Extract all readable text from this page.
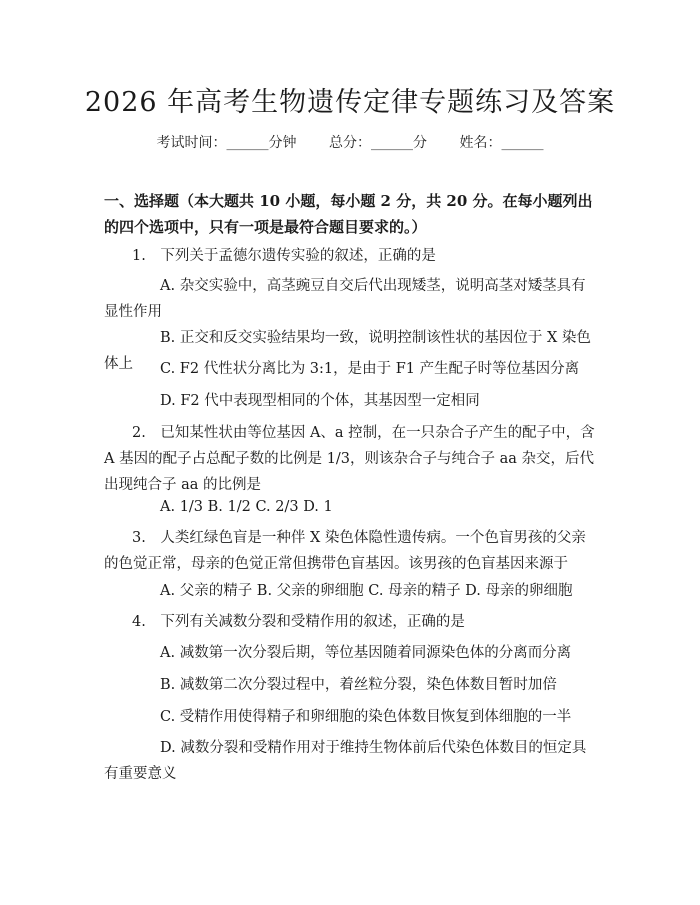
2026 年高考生物遗传定律专题练习及答案
考试时间：______分钟 总分：______分 姓名：______
一、选择题（本大题共 10 小题，每小题 2 分，共 20 分。在每小题列出的四个选项中，只有一项是最符合题目要求的。）
1.　下列关于孟德尔遗传实验的叙述，正确的是
A. 杂交实验中，高茎豌豆自交后代出现矮茎，说明高茎对矮茎具有显性作用
B. 正交和反交实验结果均一致，说明控制该性状的基因位于 X 染色体上	C. F2 代性状分离比为 3:1，是由于 F1 产生配子时等位基因分离
D. F2 代中表现型相同的个体，其基因型一定相同
2.　已知某性状由等位基因 A、a 控制，在一只杂合子产生的配子中，含 A 基因的配子占总配子数的比例是 1/3，则该杂合子与纯合子 aa 杂交，后代出现纯合子 aa 的比例是
A. 1/3 B. 1/2 C. 2/3 D. 1
3.　人类红绿色盲是一种伴 X 染色体隐性遗传病。一个色盲男孩的父亲的色觉正常，母亲的色觉正常但携带色盲基因。该男孩的色盲基因来源于
A. 父亲的精子 B. 父亲的卵细胞 C. 母亲的精子 D. 母亲的卵细胞
4.　下列有关减数分裂和受精作用的叙述，正确的是
A. 减数第一次分裂后期，等位基因随着同源染色体的分离而分离
B. 减数第二次分裂过程中，着丝粒分裂，染色体数目暂时加倍
C. 受精作用使得精子和卵细胞的染色体数目恢复到体细胞的一半
D. 减数分裂和受精作用对于维持生物体前后代染色体数目的恒定具有重要意义
